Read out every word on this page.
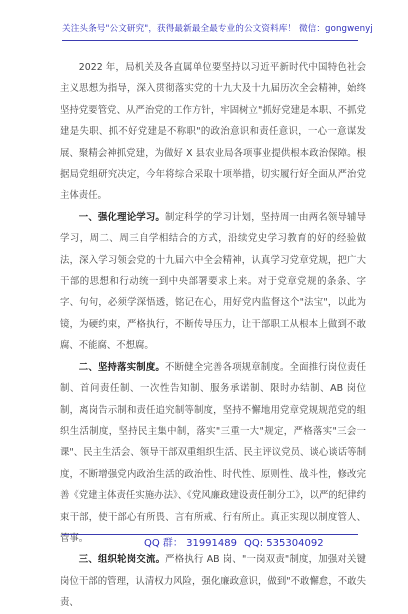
关注头条号"公文研究"，获得最新最全最专业的公文资料库！ 微信：gongwenyj

2022 年，局机关及各直属单位要坚持以习近平新时代中国特色社会主义思想为指导，深入贯彻落实党的十九大及十九届历次全会精神，始终坚持党要管党、从严治党的工作方针，牢固树立"抓好党建是本职、不抓党建是失职、抓不好党建是不称职"的政治意识和责任意识，一心一意谋发展、聚精会神抓党建，为做好 X 县农业局各项事业提供根本政治保障。根据局党组研究决定，今年将综合采取十项举措，切实履行好全面从严治党主体责任。

一、强化理论学习。制定科学的学习计划，坚持周一由两名领导辅导学习，周二、周三自学相结合的方式，沿续党史学习教育的好的经验做法，深入学习领会党的十九届六中全会精神，认真学习党章党规，把广大干部的思想和行动统一到中央部署要求上来。对于党章党规的条条、字字、句句，必须学深悟透，铭记在心，用好党内监督这个"法宝"，以此为镜，为硬约束，严格执行，不断传导压力，让干部职工从根本上做到不敢腐、不能腐、不想腐。

二、坚持落实制度。不断健全完善各项规章制度。全面推行岗位责任制、首问责任制、一次性告知制、服务承诺制、限时办结制、AB 岗位制，离岗告示制和责任追究制等制度，坚持不懈地用党章党规规范党的组织生活制度，坚持民主集中制，落实"三重一大"规定，严格落实"三会一课"、民主生活会、领导干部双重组织生活、民主评议党员、谈心谈话等制度，不断增强党内政治生活的政治性、时代性、原则性、战斗性，修改完善《党建主体责任实施办法》、《党风廉政建设责任制分工》，以严的纪律约束干部，使干部心有所畏、言有所戒、行有所止。真正实现以制度管人、管事。

三、组织轮岗交流。严格执行 AB 岗、"一岗双责"制度，加强对关键岗位干部的管理，认清权力风险，强化廉政意识，做到"不敢懈怠，不敢失责、

QQ 群： 31991489 QQ: 535304092
